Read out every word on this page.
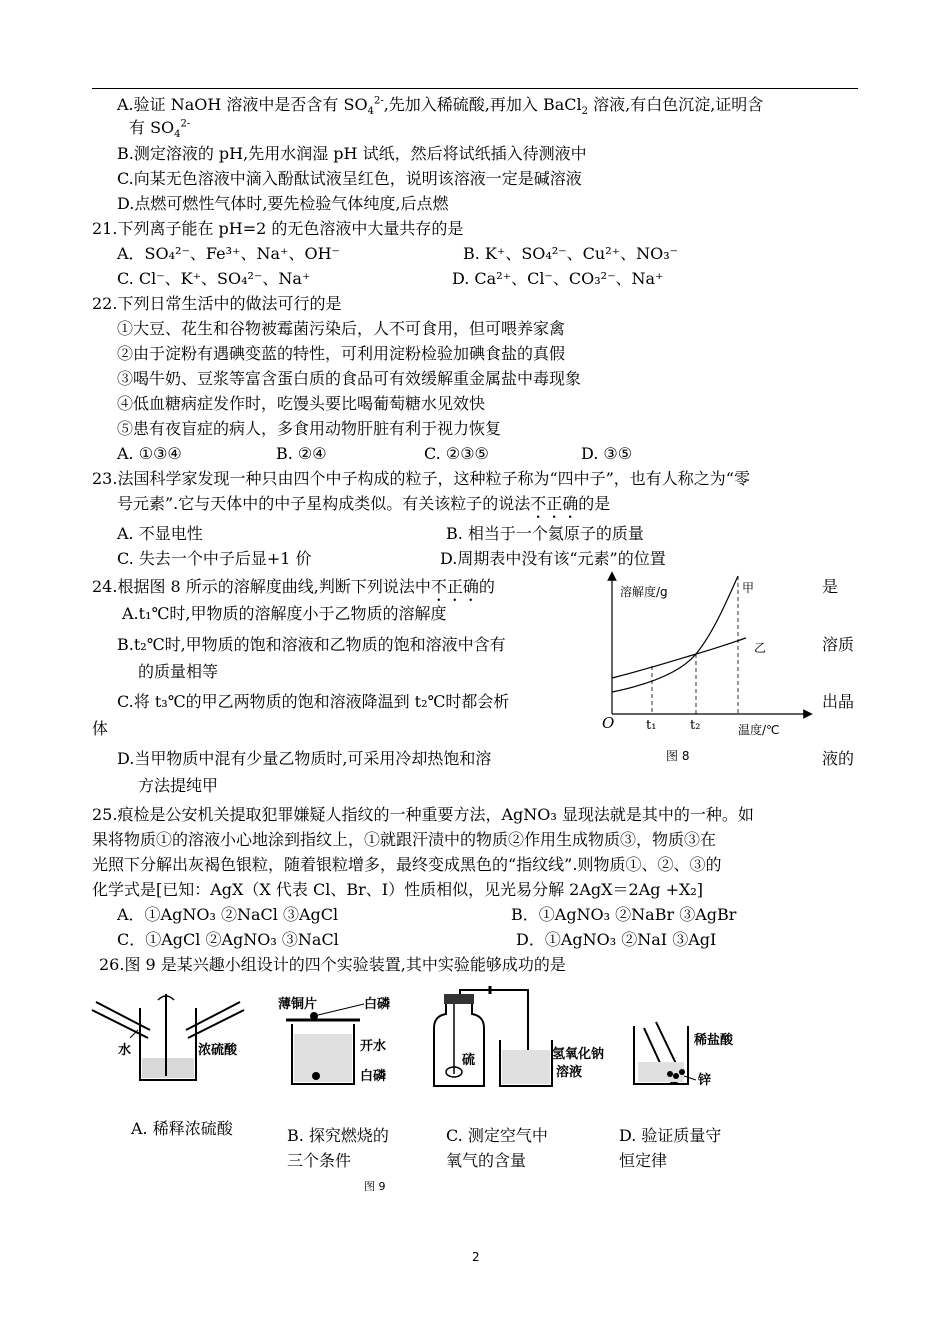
A.验证 NaOH 溶液中是否含有 $SO_4^{2-}$,先加入稀硫酸,再加入 BaCl$_2$ 溶液,有白色沉淀,证明含
有 $SO_4^{2-}$
B.测定溶液的 pH,先用水润湿 pH 试纸，然后将试纸插入待测液中
C.向某无色溶液中滴入酚酞试液呈红色，说明该溶液一定是碱溶液
D.点燃可燃性气体时,要先检验气体纯度,后点燃
21.下列离子能在 pH=2 的无色溶液中大量共存的是
A．SO₄²⁻、Fe³⁺、Na⁺、OH⁻	B. K⁺、SO₄²⁻、Cu²⁺、NO₃⁻
C. Cl⁻、K⁺、SO₄²⁻、Na⁺	D. Ca²⁺、Cl⁻、CO₃²⁻、Na⁺
22.下列日常生活中的做法可行的是
①大豆、花生和谷物被霉菌污染后，人不可食用，但可喂养家禽
②由于淀粉有遇碘变蓝的特性，可利用淀粉检验加碘食盐的真假
③喝牛奶、豆浆等富含蛋白质的食品可有效缓解重金属盐中毒现象
④低血糖病症发作时，吃馒头要比喝葡萄糖水见效快
⑤患有夜盲症的病人，多食用动物肝脏有利于视力恢复
A. ①③④	B. ②④	C. ②③⑤	D. ③⑤
23.法国科学家发现一种只由四个中子构成的粒子，这种粒子称为“四中子”，也有人称之为“零
号元素”.它与天体中的中子星构成类似。有关该粒子的说法不正确的是
A. 不显电性	B. 相当于一个氦原子的质量
C. 失去一个中子后显+1 价	D.周期表中没有该“元素”的位置
24.根据图 8 所示的溶解度曲线,判断下列说法中不正确的	是
A.t₁℃时,甲物质的溶解度小于乙物质的溶解度
B.t₂℃时,甲物质的饱和溶液和乙物质的饱和溶液中含有	溶质
的质量相等
C.将 t₃℃的甲乙两物质的饱和溶液降温到 t₂℃时都会析	出晶
体
D.当甲物质中混有少量乙物质时,可采用冷却热饱和溶	液的
方法提纯甲
溶解度/g
温度/℃
O
甲
乙
t₁	t₂
图 8
25.痕检是公安机关提取犯罪嫌疑人指纹的一种重要方法，AgNO₃ 显现法就是其中的一种。如
果将物质①的溶液小心地涂到指纹上，①就跟汗渍中的物质②作用生成物质③，物质③在
光照下分解出灰褐色银粒，随着银粒增多，最终变成黑色的“指纹线”.则物质①、②、③的
化学式是[已知：AgX（X 代表 Cl、Br、I）性质相似，见光易分解 2AgX＝2Ag +X₂]
A．①AgNO₃ ②NaCl ③AgCl	B．①AgNO₃ ②NaBr ③AgBr
C．①AgCl ②AgNO₃ ③NaCl	D．①AgNO₃ ②NaI ③AgI
26.图 9 是某兴趣小组设计的四个实验装置,其中实验能够成功的是
水	浓硫酸
薄铜片	白磷
开水
白磷
硫	氢氧化钠
溶液
稀盐酸
锌
A. 稀释浓硫酸	B. 探究燃烧的
三个条件
C. 测定空气中
氧气的含量
D. 验证质量守
恒定律
图 9
2
